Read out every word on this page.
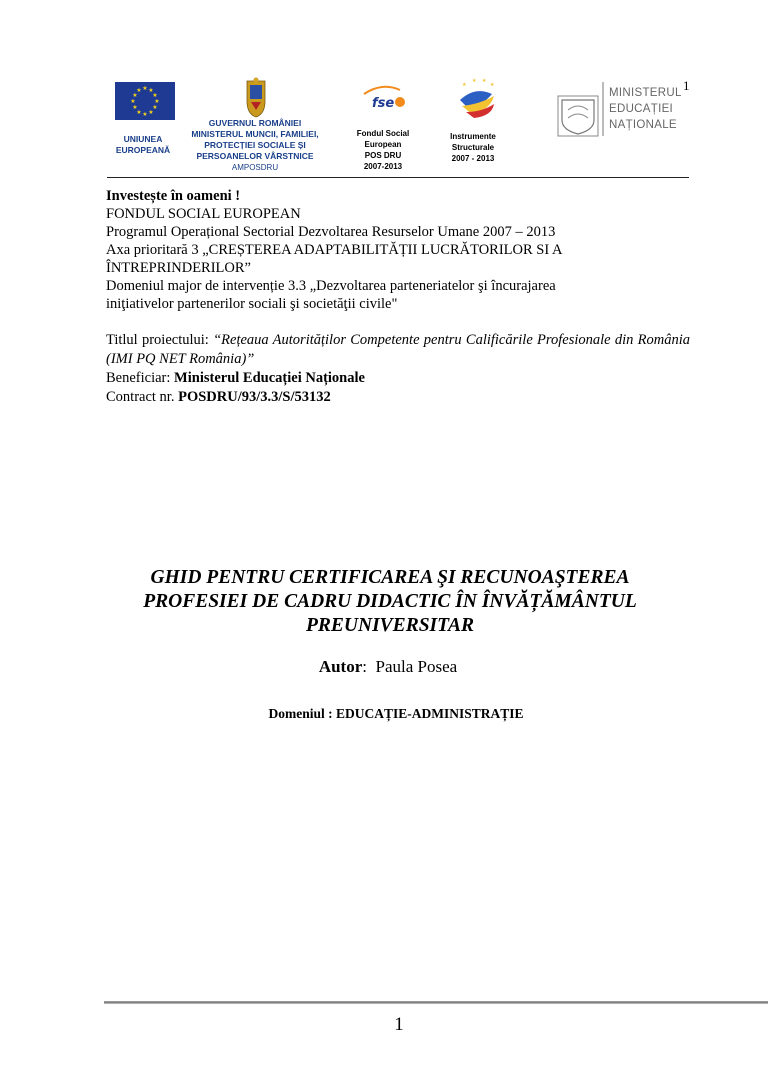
1
★ ★
★
★
★
★
★
★
★
★
★
★
fse
★
★ ★
★
UNIUNEA
EUROPEANĂ
GUVERNUL ROMÂNIEI
MINISTERUL MUNCII, FAMILIEI,
PROTECȚIEI SOCIALE ȘI
PERSOANELOR VÂRSTNICE
AMPOSDRU
Fondul Social
European
POS DRU
2007-2013
Instrumente
Structurale
2007 - 2013
MINISTERUL
EDUCAȚIEI
NAȚIONALE
Investește în oameni !
FONDUL SOCIAL EUROPEAN
Programul Operațional Sectorial Dezvoltarea Resurselor Umane 2007 – 2013
Axa prioritară 3 „CREȘTEREA ADAPTABILITĂȚII LUCRĂTORILOR SI A
ÎNTREPRINDERILOR”
Domeniul major de intervenție 3.3 „Dezvoltarea parteneriatelor şi încurajarea
iniţiativelor partenerilor sociali şi societăţii civile"
Titlul proiectului: “Rețeaua Autorităților Competente pentru Calificările Profesionale din România (IMI PQ NET România)”
Beneficiar: Ministerul Educației Naționale
Contract nr. POSDRU/93/3.3/S/53132
GHID PENTRU CERTIFICAREA ŞI RECUNOAŞTEREA
PROFESIEI DE CADRU DIDACTIC ÎN ÎNVĂȚĂMÂNTUL
PREUNIVERSITAR
Autor:  Paula Posea
Domeniul : EDUCAȚIE-ADMINISTRAȚIE
1
